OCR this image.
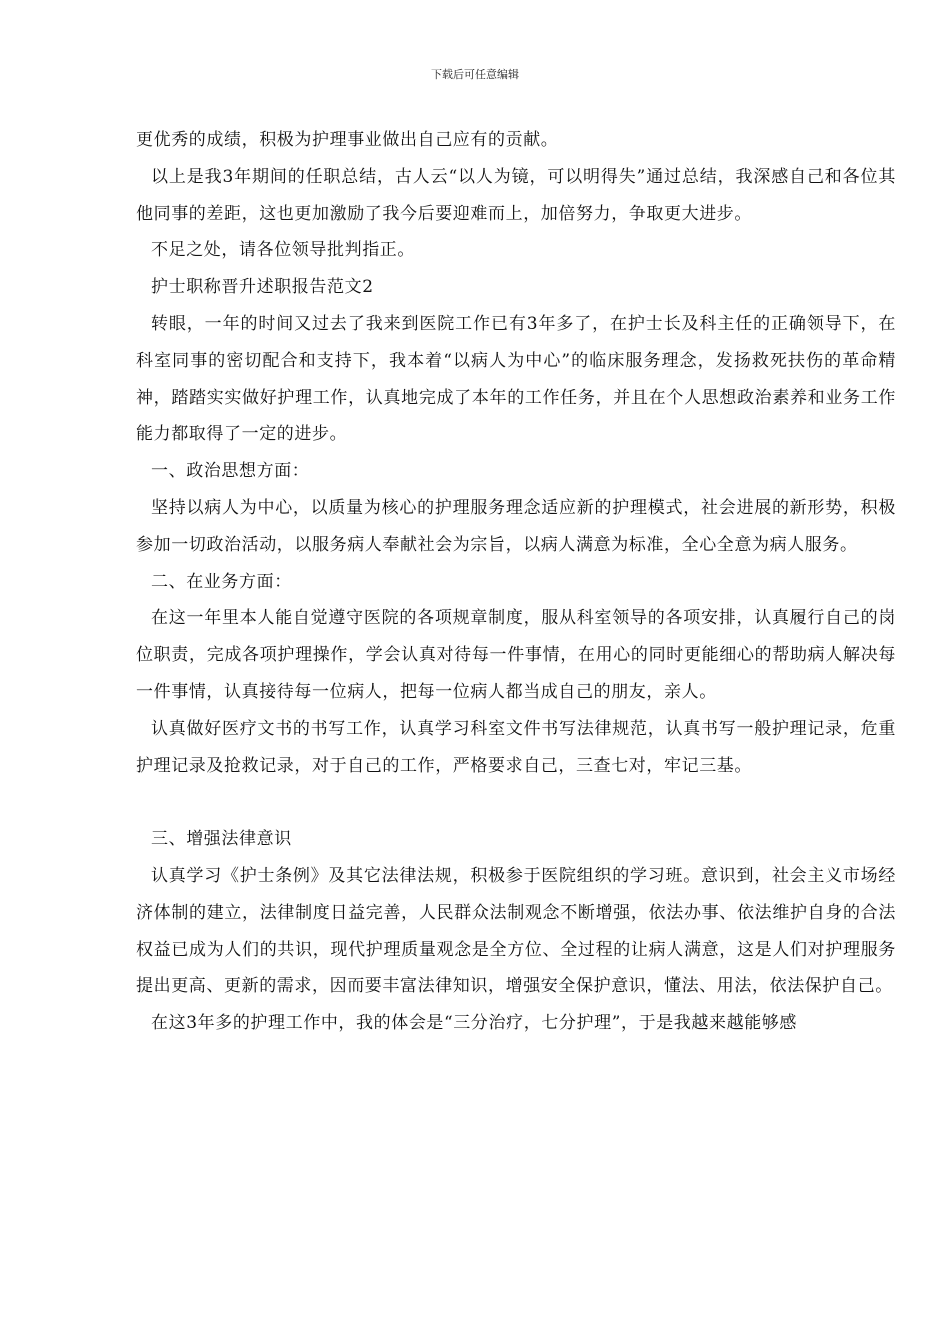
下载后可任意编辑

更优秀的成绩，积极为护理事业做出自己应有的贡献。

以上是我3年期间的任职总结，古人云“以人为镜，可以明得失”通过总结，我深感自己和各位其他同事的差距，这也更加激励了我今后要迎难而上，加倍努力，争取更大进步。

不足之处，请各位领导批判指正。

护士职称晋升述职报告范文2

转眼，一年的时间又过去了我来到医院工作已有3年多了，在护士长及科主任的正确领导下，在科室同事的密切配合和支持下，我本着“以病人为中心”的临床服务理念，发扬救死扶伤的革命精神，踏踏实实做好护理工作，认真地完成了本年的工作任务，并且在个人思想政治素养和业务工作能力都取得了一定的进步。

一、政治思想方面：

坚持以病人为中心，以质量为核心的护理服务理念适应新的护理模式，社会进展的新形势，积极参加一切政治活动，以服务病人奉献社会为宗旨，以病人满意为标准，全心全意为病人服务。

二、在业务方面：

在这一年里本人能自觉遵守医院的各项规章制度，服从科室领导的各项安排，认真履行自己的岗位职责，完成各项护理操作，学会认真对待每一件事情，在用心的同时更能细心的帮助病人解决每一件事情，认真接待每一位病人，把每一位病人都当成自己的朋友，亲人。

认真做好医疗文书的书写工作，认真学习科室文件书写法律规范，认真书写一般护理记录，危重护理记录及抢救记录，对于自己的工作，严格要求自己，三查七对，牢记三基。

三、增强法律意识

认真学习《护士条例》及其它法律法规，积极参于医院组织的学习班。意识到，社会主义市场经济体制的建立，法律制度日益完善，人民群众法制观念不断增强，依法办事、依法维护自身的合法权益已成为人们的共识，现代护理质量观念是全方位、全过程的让病人满意，这是人们对护理服务提出更高、更新的需求，因而要丰富法律知识，增强安全保护意识，懂法、用法，依法保护自己。

在这3年多的护理工作中，我的体会是“三分治疗，七分护理”，于是我越来越能够感
